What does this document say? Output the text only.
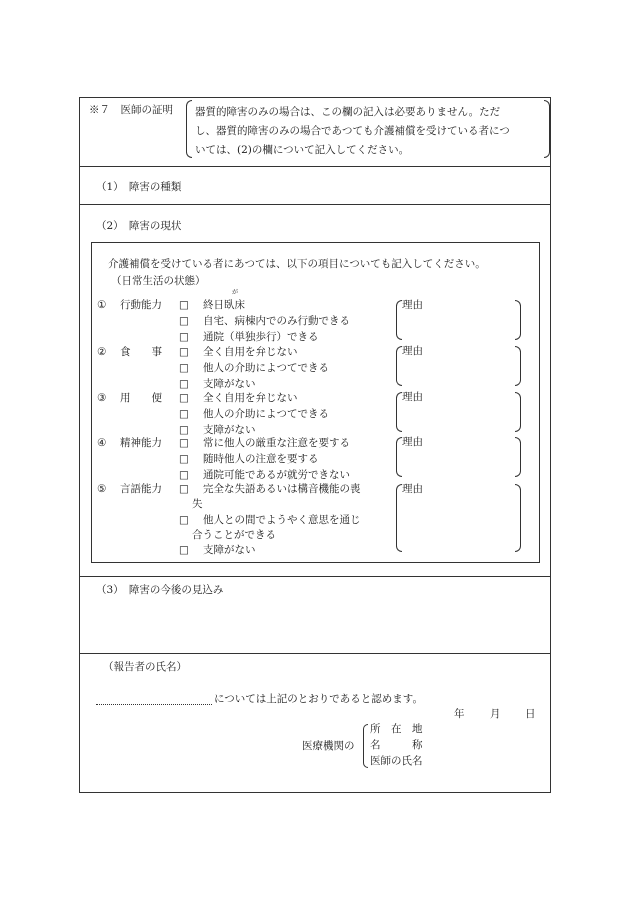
※７　医師の証明 器質的障害のみの場合は、この欄の記入は必要ありません。ただ
し、器質的障害のみの場合であつても介護補償を受けている者につ
いては、(2)の欄について記入してください。
（1）　障害の種類
（2）　障害の現状
介護補償を受けている者にあつては、以下の項目についても記入してください。
（日常生活の状態）
が
① 行動能力 □ 終日臥床
□ 自宅、病棟内でのみ行動できる
□ 通院（単独歩行）できる
理由
② 食　　事 □ 全く自用を弁じない
□ 他人の介助によつてできる
□ 支障がない
理由
③ 用　　便 □ 全く自用を弁じない
□ 他人の介助によつてできる
□ 支障がない
理由
④ 精神能力 □ 常に他人の厳重な注意を要する
□ 随時他人の注意を要する
□ 通院可能であるが就労できない
理由
⑤ 言語能力 □ 完全な失語あるいは構音機能の喪
失
□ 他人との間でようやく意思を通じ
合うことができる
□ 支障がない
理由
（3）　障害の今後の見込み
（報告者の氏名）
については上記のとおりであると認めます。
年 月 日
医療機関の
所　在　地
名　　　称
医師の氏名
